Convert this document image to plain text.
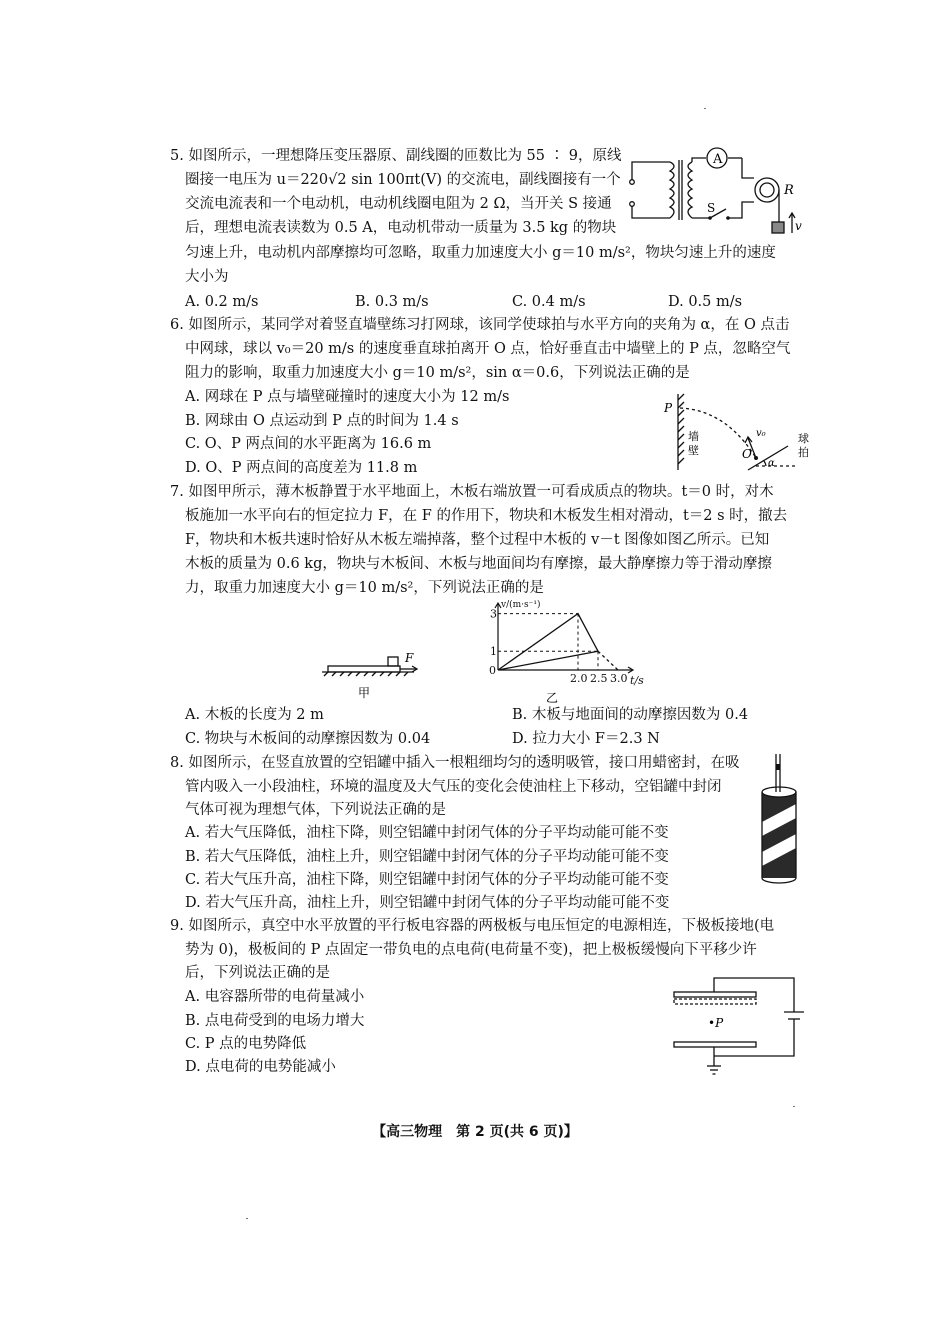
5. 如图所示，一理想降压变压器原、副线圈的匝数比为 55 ∶ 9，原线
圈接一电压为 u＝220√2 sin 100πt(V) 的交流电，副线圈接有一个
交流电流表和一个电动机，电动机线圈电阻为 2 Ω，当开关 S 接通
后，理想电流表读数为 0.5 A，电动机带动一质量为 3.5 kg 的物块
匀速上升，电动机内部摩擦均可忽略，取重力加速度大小 g＝10 m/s²，物块匀速上升的速度
大小为
A. 0.2 m/s	B. 0.3 m/s	C. 0.4 m/s	D. 0.5 m/s
A
S
R
v
6. 如图所示，某同学对着竖直墙壁练习打网球，该同学使球拍与水平方向的夹角为 α，在 O 点击
中网球，球以 v₀＝20 m/s 的速度垂直球拍离开 O 点，恰好垂直击中墙壁上的 P 点，忽略空气
阻力的影响，取重力加速度大小 g＝10 m/s²，sin α＝0.6，下列说法正确的是
A. 网球在 P 点与墙壁碰撞时的速度大小为 12 m/s
B. 网球由 O 点运动到 P 点的时间为 1.4 s
C. O、P 两点间的水平距离为 16.6 m
D. O、P 两点间的高度差为 11.8 m
P
O
v₀
α
墙
壁
球
拍
7. 如图甲所示，薄木板静置于水平地面上，木板右端放置一可看成质点的物块。t＝0 时，对木
板施加一水平向右的恒定拉力 F，在 F 的作用下，物块和木板发生相对滑动，t＝2 s 时，撤去
F，物块和木板共速时恰好从木板左端掉落，整个过程中木板的 v－t 图像如图乙所示。已知
木板的质量为 0.6 kg，物块与木板间、木板与地面间均有摩擦，最大静摩擦力等于滑动摩擦
力，取重力加速度大小 g＝10 m/s²，下列说法正确的是
F
甲
1
3
2.0 2.5 3.0
0
v/(m·s⁻¹)
t/s
乙
A. 木板的长度为 2 m	B. 木板与地面间的动摩擦因数为 0.4
C. 物块与木板间的动摩擦因数为 0.04	D. 拉力大小 F＝2.3 N
8. 如图所示，在竖直放置的空铝罐中插入一根粗细均匀的透明吸管，接口用蜡密封，在吸
管内吸入一小段油柱，环境的温度及大气压的变化会使油柱上下移动，空铝罐中封闭
气体可视为理想气体，下列说法正确的是
A. 若大气压降低，油柱下降，则空铝罐中封闭气体的分子平均动能可能不变
B. 若大气压降低，油柱上升，则空铝罐中封闭气体的分子平均动能可能不变
C. 若大气压升高，油柱下降，则空铝罐中封闭气体的分子平均动能可能不变
D. 若大气压升高，油柱上升，则空铝罐中封闭气体的分子平均动能可能不变
9. 如图所示，真空中水平放置的平行板电容器的两极板与电压恒定的电源相连，下极板接地(电
势为 0)，极板间的 P 点固定一带负电的点电荷(电荷量不变)，把上极板缓慢向下平移少许
后，下列说法正确的是
A. 电容器所带的电荷量减小
B. 点电荷受到的电场力增大
C. P 点的电势降低
D. 点电荷的电势能减小
•P
【高三物理　第 2 页(共 6 页)】
